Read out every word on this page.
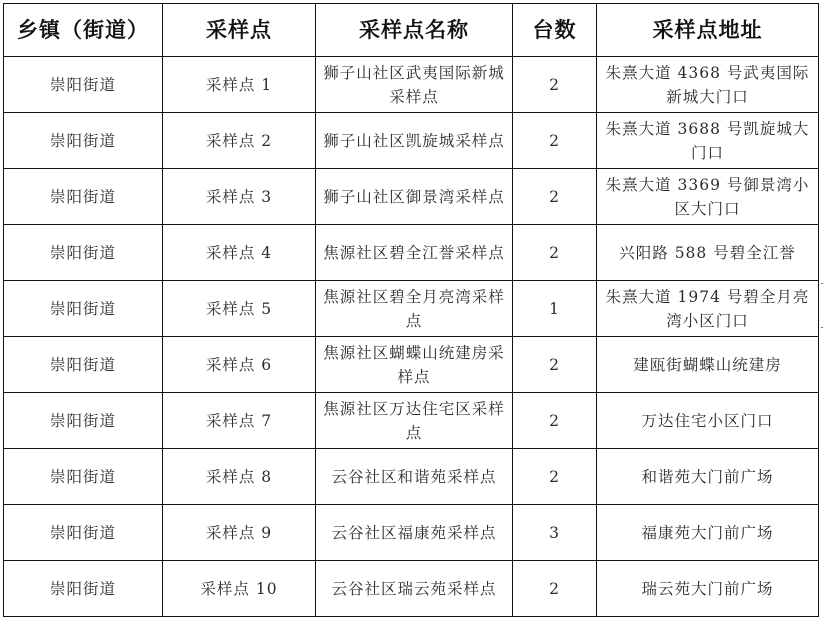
乡镇（街道）	采样点	采样点名称	台数	采样点地址
崇阳街道	采样点 1	狮子山社区武夷国际新城采样点	2	朱熹大道 4368 号武夷国际新城大门口
崇阳街道	采样点 2	狮子山社区凯旋城采样点	2	朱熹大道 3688 号凯旋城大门口
崇阳街道	采样点 3	狮子山社区御景湾采样点	2	朱熹大道 3369 号御景湾小区大门口
崇阳街道	采样点 4	焦源社区碧全江誉采样点	2	兴阳路 588 号碧全江誉
崇阳街道	采样点 5	焦源社区碧全月亮湾采样点	1	朱熹大道 1974 号碧全月亮湾小区门口
崇阳街道	采样点 6	焦源社区蝴蝶山统建房采样点	2	建瓯街蝴蝶山统建房
崇阳街道	采样点 7	焦源社区万达住宅区采样点	2	万达住宅小区门口
崇阳街道	采样点 8	云谷社区和谐苑采样点	2	和谐苑大门前广场
崇阳街道	采样点 9	云谷社区福康苑采样点	3	福康苑大门前广场
崇阳街道	采样点 10	云谷社区瑞云苑采样点	2	瑞云苑大门前广场
